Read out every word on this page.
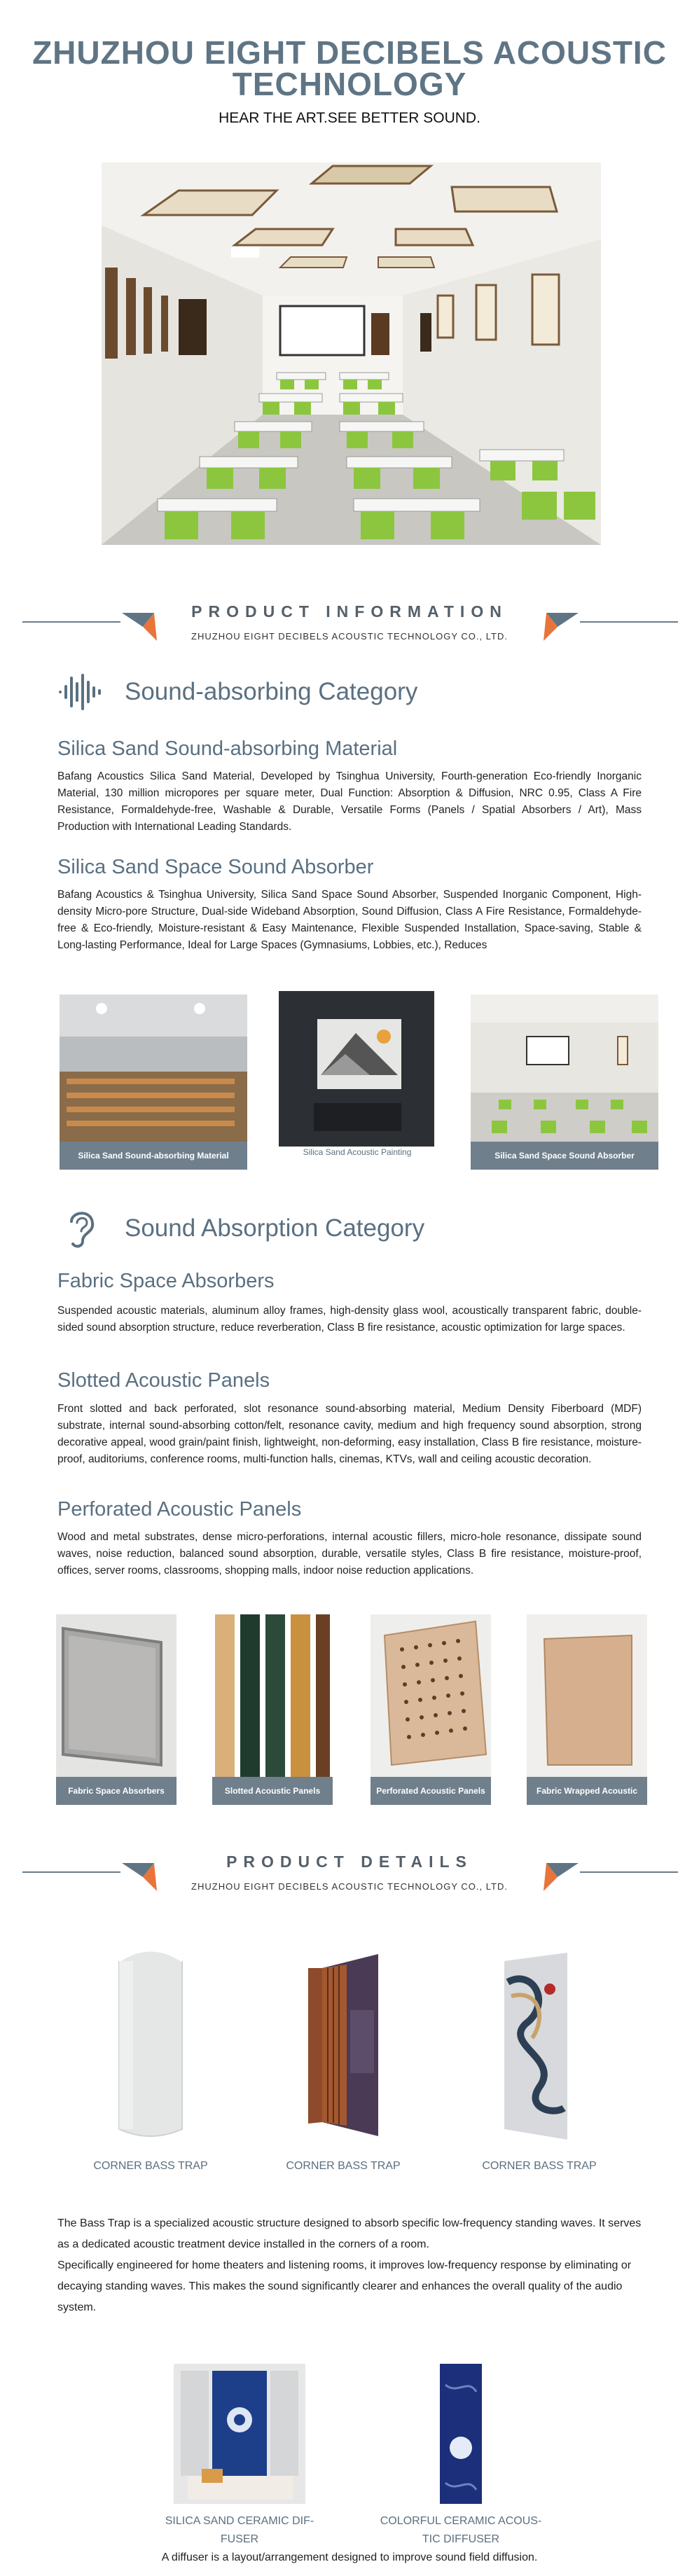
ZHUZHOU EIGHT DECIBELS ACOUSTIC
TECHNOLOGY
HEAR THE ART.SEE BETTER SOUND.
PRODUCT INFORMATION
ZHUZHOU EIGHT DECIBELS ACOUSTIC TECHNOLOGY CO., LTD.
Sound-absorbing Category
Silica Sand Sound-absorbing Material
Bafang Acoustics Silica Sand Material, Developed by Tsinghua University, Fourth-generation Eco-friendly Inorganic Material, 130 million micropores per square meter, Dual Function: Absorption & Diffusion, NRC 0.95, Class A Fire Resistance, Formaldehyde-free, Washable & Durable, Versatile Forms (Panels / Spatial Absorbers / Art), Mass Production with International Leading Standards.
Silica Sand Space Sound Absorber
Bafang Acoustics & Tsinghua University, Silica Sand Space Sound Absorber, Suspended Inorganic Component, High-density Micro-pore Structure, Dual-side Wideband Absorption, Sound Diffusion, Class A Fire Resistance, Formaldehyde-free & Eco-friendly, Moisture-resistant & Easy Maintenance, Flexible Suspended Installation, Space-saving, Stable & Long-lasting Performance, Ideal for Large Spaces (Gymnasiums, Lobbies, etc.), Reduces
Silica Sand Sound-absorbing Material	Silica Sand Acoustic Painting	Silica Sand Space Sound Absorber
Sound Absorption Category
Fabric Space Absorbers
Suspended acoustic materials, aluminum alloy frames, high-density glass wool, acoustically transparent fabric, double-sided sound absorption structure, reduce reverberation, Class B fire resistance, acoustic optimization for large spaces.
Slotted Acoustic Panels
Front slotted and back perforated, slot resonance sound-absorbing material, Medium Density Fiberboard (MDF) substrate, internal sound-absorbing cotton/felt, resonance cavity, medium and high frequency sound absorption, strong decorative appeal, wood grain/paint finish, lightweight, non-deforming, easy installation, Class B fire resistance, moisture-proof, auditoriums, conference rooms, multi-function halls, cinemas, KTVs, wall and ceiling acoustic decoration.
Perforated Acoustic Panels
Wood and metal substrates, dense micro-perforations, internal acoustic fillers, micro-hole resonance, dissipate sound waves, noise reduction, balanced sound absorption, durable, versatile styles, Class B fire resistance, moisture-proof, offices, server rooms, classrooms, shopping malls, indoor noise reduction applications.
Fabric Space Absorbers	Slotted Acoustic Panels	Perforated Acoustic Panels	Fabric Wrapped Acoustic Panels
PRODUCT DETAILS
ZHUZHOU EIGHT DECIBELS ACOUSTIC TECHNOLOGY CO., LTD.
CORNER BASS TRAP	CORNER BASS TRAP	CORNER BASS TRAP
The Bass Trap is a specialized acoustic structure designed to absorb specific low-frequency standing waves. It serves as a dedicated acoustic treatment device installed in the corners of a room.
Specifically engineered for home theaters and listening rooms, it improves low-frequency response by eliminating or decaying standing waves. This makes the sound significantly clearer and enhances the overall quality of the audio system.
SILICA SAND CERAMIC DIF-
FUSER
COLORFUL CERAMIC ACOUS-
TIC DIFFUSER
A diffuser is a layout/arrangement designed to improve sound field diffusion.
